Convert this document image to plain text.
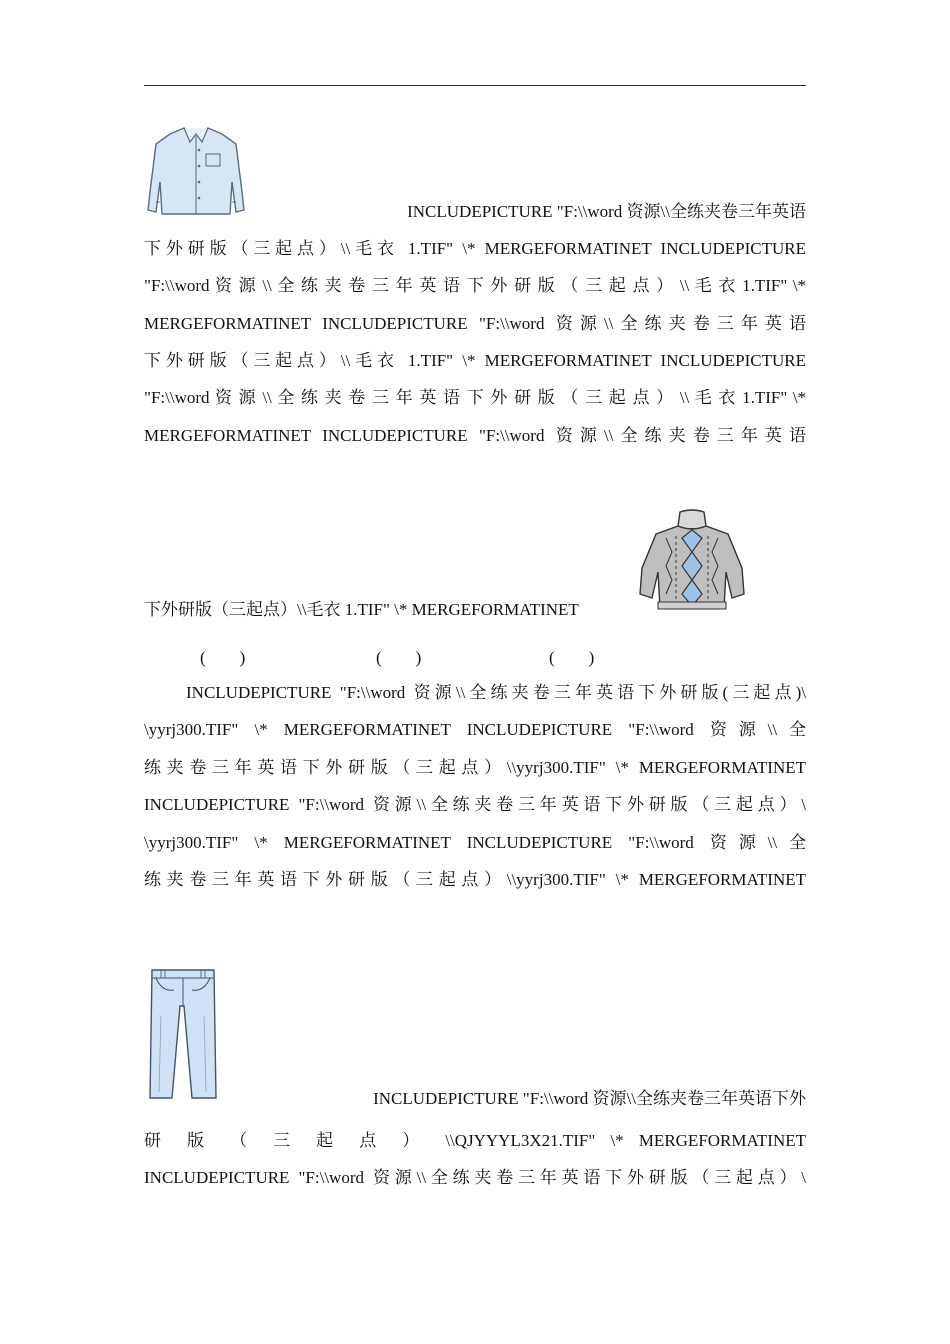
INCLUDEPICTURE "F:\\word 资源\\全练夹卷三年英语
下外研版（三起点）\\毛衣 1.TIF" \* MERGEFORMATINET INCLUDEPICTURE
"F:\\word 资 源 \\ 全 练 夹 卷 三 年 英 语 下 外 研 版 （ 三 起 点 ） \\ 毛 衣 1.TIF" \*
MERGEFORMATINET INCLUDEPICTURE "F:\\word 资源\\全练夹卷三年英语
下外研版（三起点）\\毛衣 1.TIF" \* MERGEFORMATINET INCLUDEPICTURE
"F:\\word 资 源 \\ 全 练 夹 卷 三 年 英 语 下 外 研 版 （ 三 起 点 ） \\ 毛 衣 1.TIF" \*
MERGEFORMATINET INCLUDEPICTURE "F:\\word 资源\\全练夹卷三年英语
下外研版（三起点）\\毛衣 1.TIF" \* MERGEFORMATINET
(        )	(        )	(        )
INCLUDEPICTURE "F:\\word 资源\\全练夹卷三年英语下外研版(三起点)\
\yyrj300.TIF" \* MERGEFORMATINET INCLUDEPICTURE "F:\\word 资源\\全
练夹卷三年英语下外研版（三起点）\\yyrj300.TIF" \* MERGEFORMATINET
INCLUDEPICTURE "F:\\word 资源\\全练夹卷三年英语下外研版（三起点）\
\yyrj300.TIF" \* MERGEFORMATINET INCLUDEPICTURE "F:\\word 资源\\全
练夹卷三年英语下外研版（三起点）\\yyrj300.TIF" \* MERGEFORMATINET
INCLUDEPICTURE "F:\\word 资源\\全练夹卷三年英语下外
研 版 （ 三 起 点 ） \\QJYYYL3X21.TIF" \* MERGEFORMATINET
INCLUDEPICTURE "F:\\word 资源\\全练夹卷三年英语下外研版（三起点）\
